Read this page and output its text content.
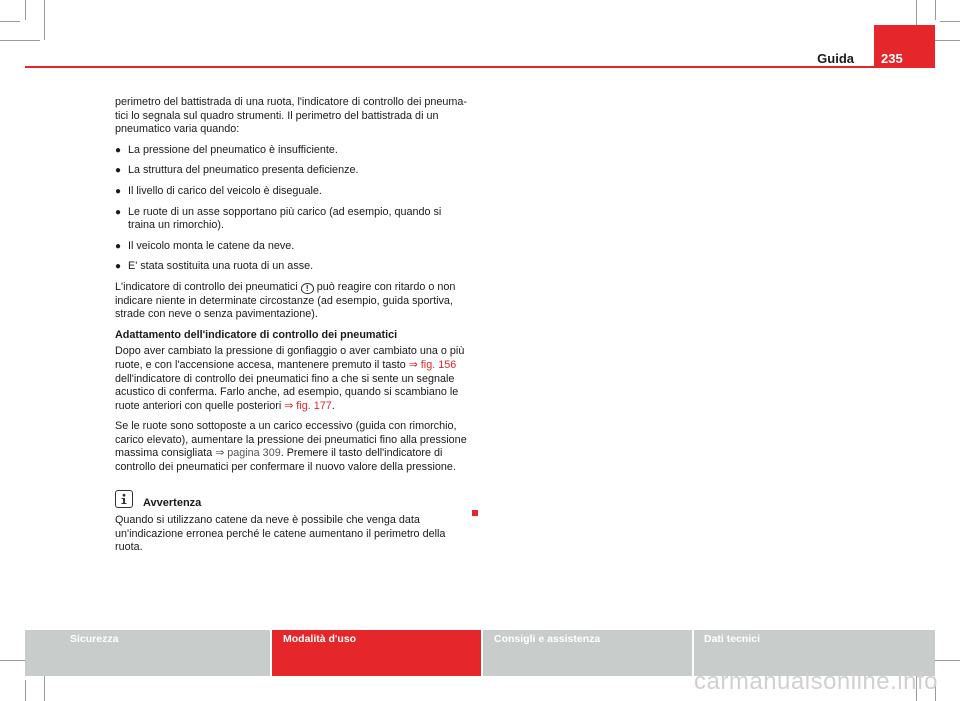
Guida 235

perimetro del battistrada di una ruota, l'indicatore di controllo dei pneumatici lo segnala sul quadro strumenti. Il perimetro del battistrada di un pneumatico varia quando:

● La pressione del pneumatico è insufficiente.
● La struttura del pneumatico presenta deficienze.
● Il livello di carico del veicolo è diseguale.
● Le ruote di un asse sopportano più carico (ad esempio, quando si traina un rimorchio).
● Il veicolo monta le catene da neve.
● E' stata sostituita una ruota di un asse.

L'indicatore di controllo dei pneumatici ! può reagire con ritardo o non indicare niente in determinate circostanze (ad esempio, guida sportiva, strade con neve o senza pavimentazione).

Adattamento dell'indicatore di controllo dei pneumatici

Dopo aver cambiato la pressione di gonfiaggio o aver cambiato una o più ruote, e con l'accensione accesa, mantenere premuto il tasto ⇒ fig. 156 dell'indicatore di controllo dei pneumatici fino a che si sente un segnale acustico di conferma. Farlo anche, ad esempio, quando si scambiano le ruote anteriori con quelle posteriori ⇒ fig. 177.

Se le ruote sono sottoposte a un carico eccessivo (guida con rimorchio, carico elevato), aumentare la pressione dei pneumatici fino alla pressione massima consigliata ⇒ pagina 309. Premere il tasto dell'indicatore di controllo dei pneumatici per confermare il nuovo valore della pressione.

Avvertenza
Quando si utilizzano catene da neve è possibile che venga data un'indicazione erronea perché le catene aumentano il perimetro della ruota.
Sicurezza	Modalità d'uso	Consigli e assistenza	Dati tecnici
carmanualsonline.info
